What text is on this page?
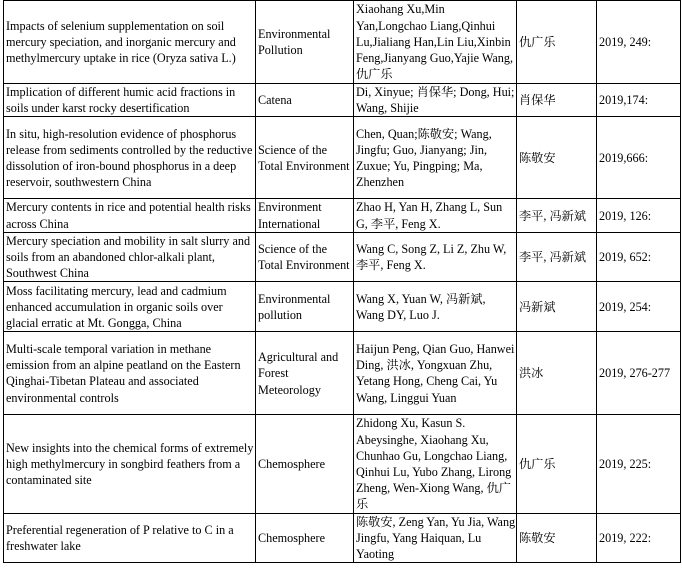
Impacts of selenium supplementation on soil mercury speciation, and inorganic mercury and methylmercury uptake in rice (Oryza sativa L.)	Environmental Pollution	Xiaohang Xu,Min Yan,Longchao Liang,Qinhui Lu,Jialiang Han,Lin Liu,Xinbin Feng,Jianyang Guo,Yajie Wang,仇广乐	仇广乐	2019, 249:
Implication of different humic acid fractions in soils under karst rocky desertification	Catena	Di, Xinyue; 肖保华; Dong, Hui; Wang, Shijie	肖保华	2019,174:
In situ, high-resolution evidence of phosphorus release from sediments controlled by the reductive dissolution of iron-bound phosphorus in a deep reservoir, southwestern China	Science of the Total Environment	Chen, Quan;陈敬安; Wang, Jingfu; Guo, Jianyang; Jin, Zuxue; Yu, Pingping; Ma, Zhenzhen	陈敬安	2019,666:
Mercury contents in rice and potential health risks across China	Environment International	Zhao H, Yan H, Zhang L, Sun G, 李平, Feng X.	李平, 冯新斌	2019, 126:
Mercury speciation and mobility in salt slurry and soils from an abandoned chlor-alkali plant, Southwest China	Science of the Total Environment	Wang C, Song Z, Li Z, Zhu W, 李平, Feng X.	李平, 冯新斌	2019, 652:
Moss facilitating mercury, lead and cadmium enhanced accumulation in organic soils over glacial erratic at Mt. Gongga, China	Environmental pollution	Wang X, Yuan W, 冯新斌, Wang DY, Luo J.	冯新斌	2019, 254:
Multi-scale temporal variation in methane emission from an alpine peatland on the Eastern Qinghai-Tibetan Plateau and associated environmental controls	Agricultural and Forest Meteorology	Haijun Peng, Qian Guo, Hanwei Ding, 洪冰, Yongxuan Zhu, Yetang Hong, Cheng Cai, Yu Wang, Linggui Yuan	洪冰	2019, 276-277
New insights into the chemical forms of extremely high methylmercury in songbird feathers from a contaminated site	Chemosphere	Zhidong Xu, Kasun S. Abeysinghe, Xiaohang Xu, Chunhao Gu, Longchao Liang, Qinhui Lu, Yubo Zhang, Lirong Zheng, Wen-Xiong Wang, 仇广乐	仇广乐	2019, 225:
Preferential regeneration of P relative to C in a freshwater lake	Chemosphere	陈敬安, Zeng Yan, Yu Jia, Wang Jingfu, Yang Haiquan, Lu Yaoting	陈敬安	2019, 222:
